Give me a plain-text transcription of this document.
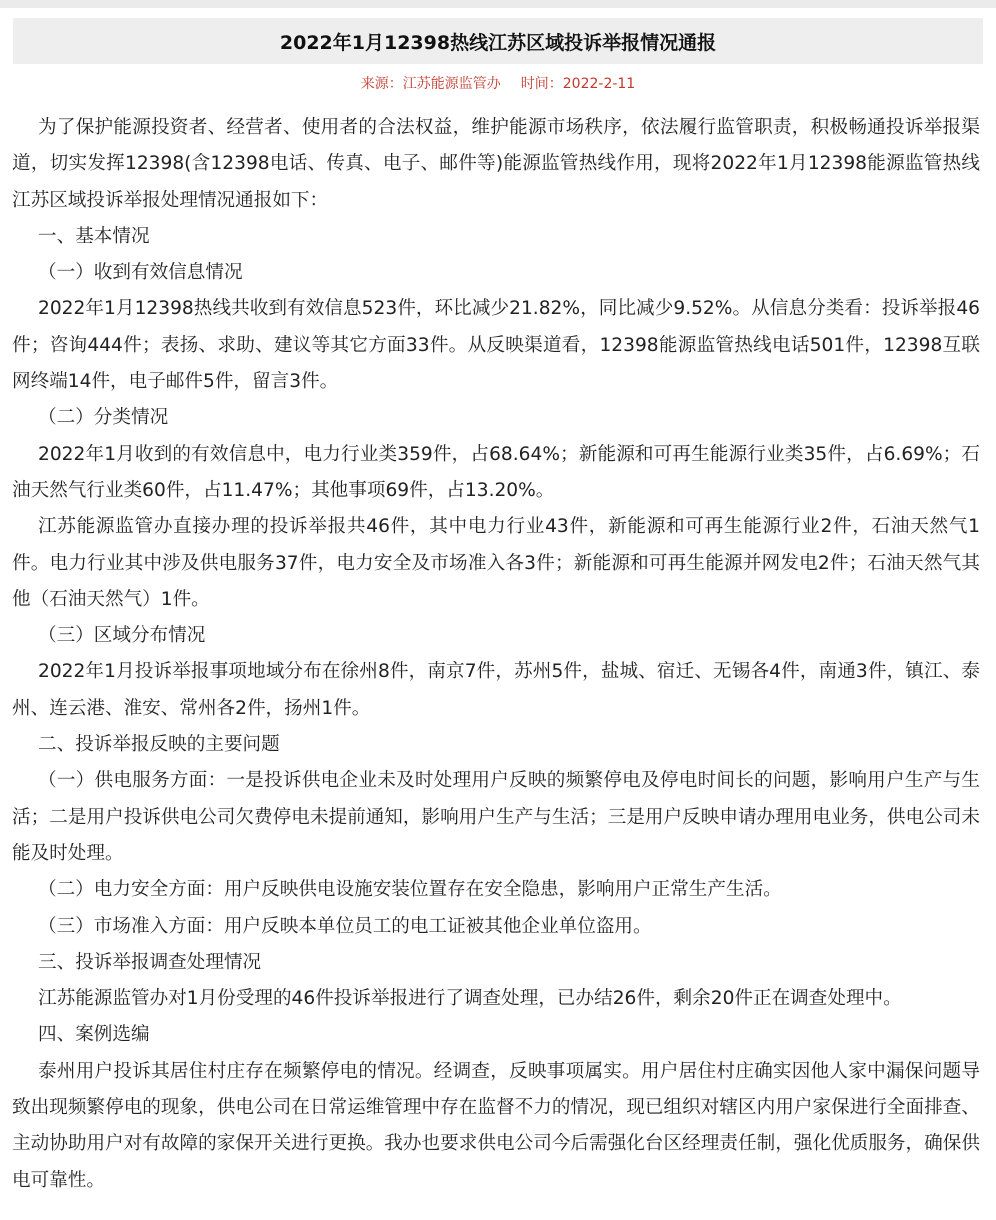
2022年1月12398热线江苏区域投诉举报情况通报
来源：江苏能源监管办 时间：2022-2-11

为了保护能源投资者、经营者、使用者的合法权益，维护能源市场秩序，依法履行监管职责，积极畅通投诉举报渠道，切实发挥12398(含12398电话、传真、电子、邮件等)能源监管热线作用，现将2022年1月12398能源监管热线江苏区域投诉举报处理情况通报如下：

一、基本情况

（一）收到有效信息情况

2022年1月12398热线共收到有效信息523件，环比减少21.82%，同比减少9.52%。从信息分类看：投诉举报46件；咨询444件；表扬、求助、建议等其它方面33件。从反映渠道看，12398能源监管热线电话501件，12398互联网终端14件，电子邮件5件，留言3件。

（二）分类情况

2022年1月收到的有效信息中，电力行业类359件，占68.64%；新能源和可再生能源行业类35件，占6.69%；石油天然气行业类60件，占11.47%；其他事项69件，占13.20%。

江苏能源监管办直接办理的投诉举报共46件，其中电力行业43件，新能源和可再生能源行业2件，石油天然气1件。电力行业其中涉及供电服务37件，电力安全及市场准入各3件；新能源和可再生能源并网发电2件；石油天然气其他（石油天然气）1件。

（三）区域分布情况

2022年1月投诉举报事项地域分布在徐州8件，南京7件，苏州5件，盐城、宿迁、无锡各4件，南通3件，镇江、泰州、连云港、淮安、常州各2件，扬州1件。

二、投诉举报反映的主要问题

（一）供电服务方面：一是投诉供电企业未及时处理用户反映的频繁停电及停电时间长的问题，影响用户生产与生活；二是用户投诉供电公司欠费停电未提前通知，影响用户生产与生活；三是用户反映申请办理用电业务，供电公司未能及时处理。

（二）电力安全方面：用户反映供电设施安装位置存在安全隐患，影响用户正常生产生活。

（三）市场准入方面：用户反映本单位员工的电工证被其他企业单位盗用。

三、投诉举报调查处理情况

江苏能源监管办对1月份受理的46件投诉举报进行了调查处理，已办结26件，剩余20件正在调查处理中。

四、案例选编

泰州用户投诉其居住村庄存在频繁停电的情况。经调查，反映事项属实。用户居住村庄确实因他人家中漏保问题导致出现频繁停电的现象，供电公司在日常运维管理中存在监督不力的情况，现已组织对辖区内用户家保进行全面排查、主动协助用户对有故障的家保开关进行更换。我办也要求供电公司今后需强化台区经理责任制，强化优质服务，确保供电可靠性。
